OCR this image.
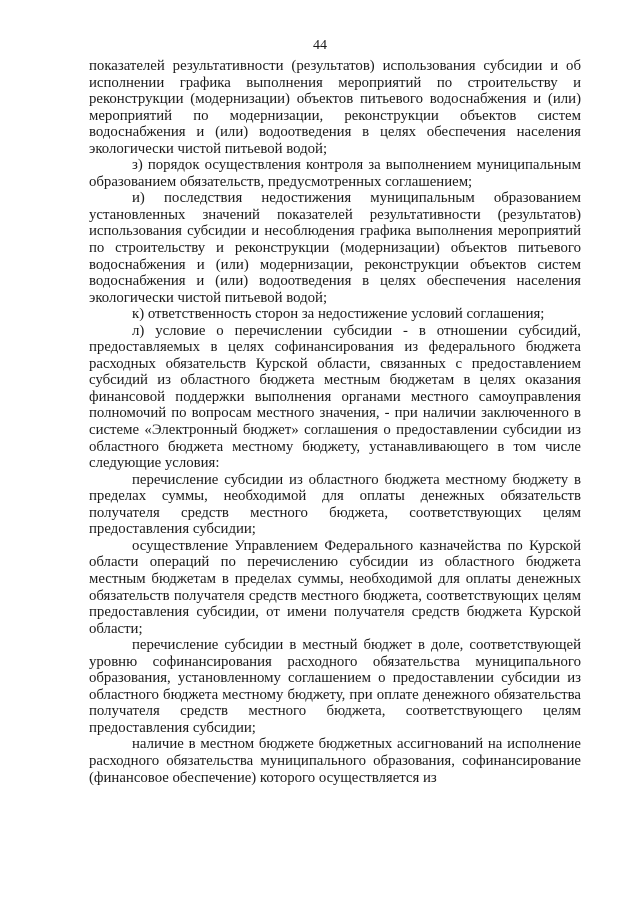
44

показателей результативности (результатов) использования субсидии и об исполнении графика выполнения мероприятий по строительству и реконструкции (модернизации) объектов питьевого водоснабжения и (или) мероприятий по модернизации, реконструкции объектов систем водоснабжения и (или) водоотведения в целях обеспечения населения экологически чистой питьевой водой;

з) порядок осуществления контроля за выполнением муниципальным образованием обязательств, предусмотренных соглашением;

и) последствия недостижения муниципальным образованием установленных значений показателей результативности (результатов) использования субсидии и несоблюдения графика выполнения мероприятий по строительству и реконструкции (модернизации) объектов питьевого водоснабжения и (или) модернизации, реконструкции объектов систем водоснабжения и (или) водоотведения в целях обеспечения населения экологически чистой питьевой водой;

к) ответственность сторон за недостижение условий соглашения;

л) условие о перечислении субсидии - в отношении субсидий, предоставляемых в целях софинансирования из федерального бюджета расходных обязательств Курской области, связанных с предоставлением субсидий из областного бюджета местным бюджетам в целях оказания финансовой поддержки выполнения органами местного самоуправления полномочий по вопросам местного значения, - при наличии заключенного в системе «Электронный бюджет» соглашения о предоставлении субсидии из областного бюджета местному бюджету, устанавливающего в том числе следующие условия:

перечисление субсидии из областного бюджета местному бюджету в пределах суммы, необходимой для оплаты денежных обязательств получателя средств местного бюджета, соответствующих целям предоставления субсидии;

осуществление Управлением Федерального казначейства по Курской области операций по перечислению субсидии из областного бюджета местным бюджетам в пределах суммы, необходимой для оплаты денежных обязательств получателя средств местного бюджета, соответствующих целям предоставления субсидии, от имени получателя средств бюджета Курской области;

перечисление субсидии в местный бюджет в доле, соответствующей уровню софинансирования расходного обязательства муниципального образования, установленному соглашением о предоставлении субсидии из областного бюджета местному бюджету, при оплате денежного обязательства получателя средств местного бюджета, соответствующего целям предоставления субсидии;

наличие в местном бюджете бюджетных ассигнований на исполнение расходного обязательства муниципального образования, софинансирование (финансовое обеспечение) которого осуществляется из
